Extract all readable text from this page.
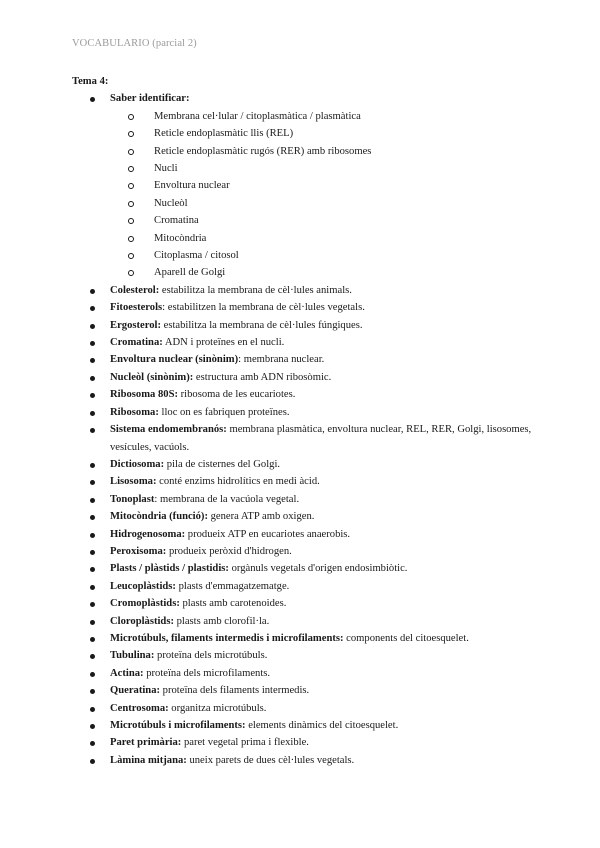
VOCABULARIO (parcial 2)
Tema 4:
Saber identificar:
Membrana cel·lular / citoplasmàtica / plasmàtica
Reticle endoplasmàtic llis (REL)
Reticle endoplasmàtic rugós (RER) amb ribosomes
Nucli
Envoltura nuclear
Nucleòl
Cromatina
Mitocòndria
Citoplasma / citosol
Aparell de Golgi
Colesterol: estabilitza la membrana de cèl·lules animals.
Fitoesterols: estabilitzen la membrana de cèl·lules vegetals.
Ergosterol: estabilitza la membrana de cèl·lules fúngiques.
Cromatina: ADN i proteïnes en el nucli.
Envoltura nuclear (sinònim): membrana nuclear.
Nucleòl (sinònim): estructura amb ADN ribosòmic.
Ribosoma 80S: ribosoma de les eucariotes.
Ribosoma: lloc on es fabriquen proteïnes.
Sistema endomembranós: membrana plasmàtica, envoltura nuclear, REL, RER, Golgi, lisosomes, vesícules, vacúols.
Dictiosoma: pila de cisternes del Golgi.
Lisosoma: conté enzims hidrolítics en medi àcid.
Tonoplast: membrana de la vacúola vegetal.
Mitocòndria (funció): genera ATP amb oxigen.
Hidrogenosoma: produeix ATP en eucariotes anaerobis.
Peroxisoma: produeix peròxid d'hidrogen.
Plasts / plàstids / plastidis: orgànuls vegetals d'origen endosimbiòtic.
Leucoplàstids: plasts d'emmagatzematge.
Cromoplàstids: plasts amb carotenoides.
Cloroplàstids: plasts amb clorofil·la.
Microtúbuls, filaments intermedis i microfilaments: components del citoesquelet.
Tubulina: proteïna dels microtúbuls.
Actina: proteïna dels microfilaments.
Queratina: proteïna dels filaments intermedis.
Centrosoma: organitza microtúbuls.
Microtúbuls i microfilaments: elements dinàmics del citoesquelet.
Paret primària: paret vegetal prima i flexible.
Làmina mitjana: uneix parets de dues cèl·lules vegetals.
